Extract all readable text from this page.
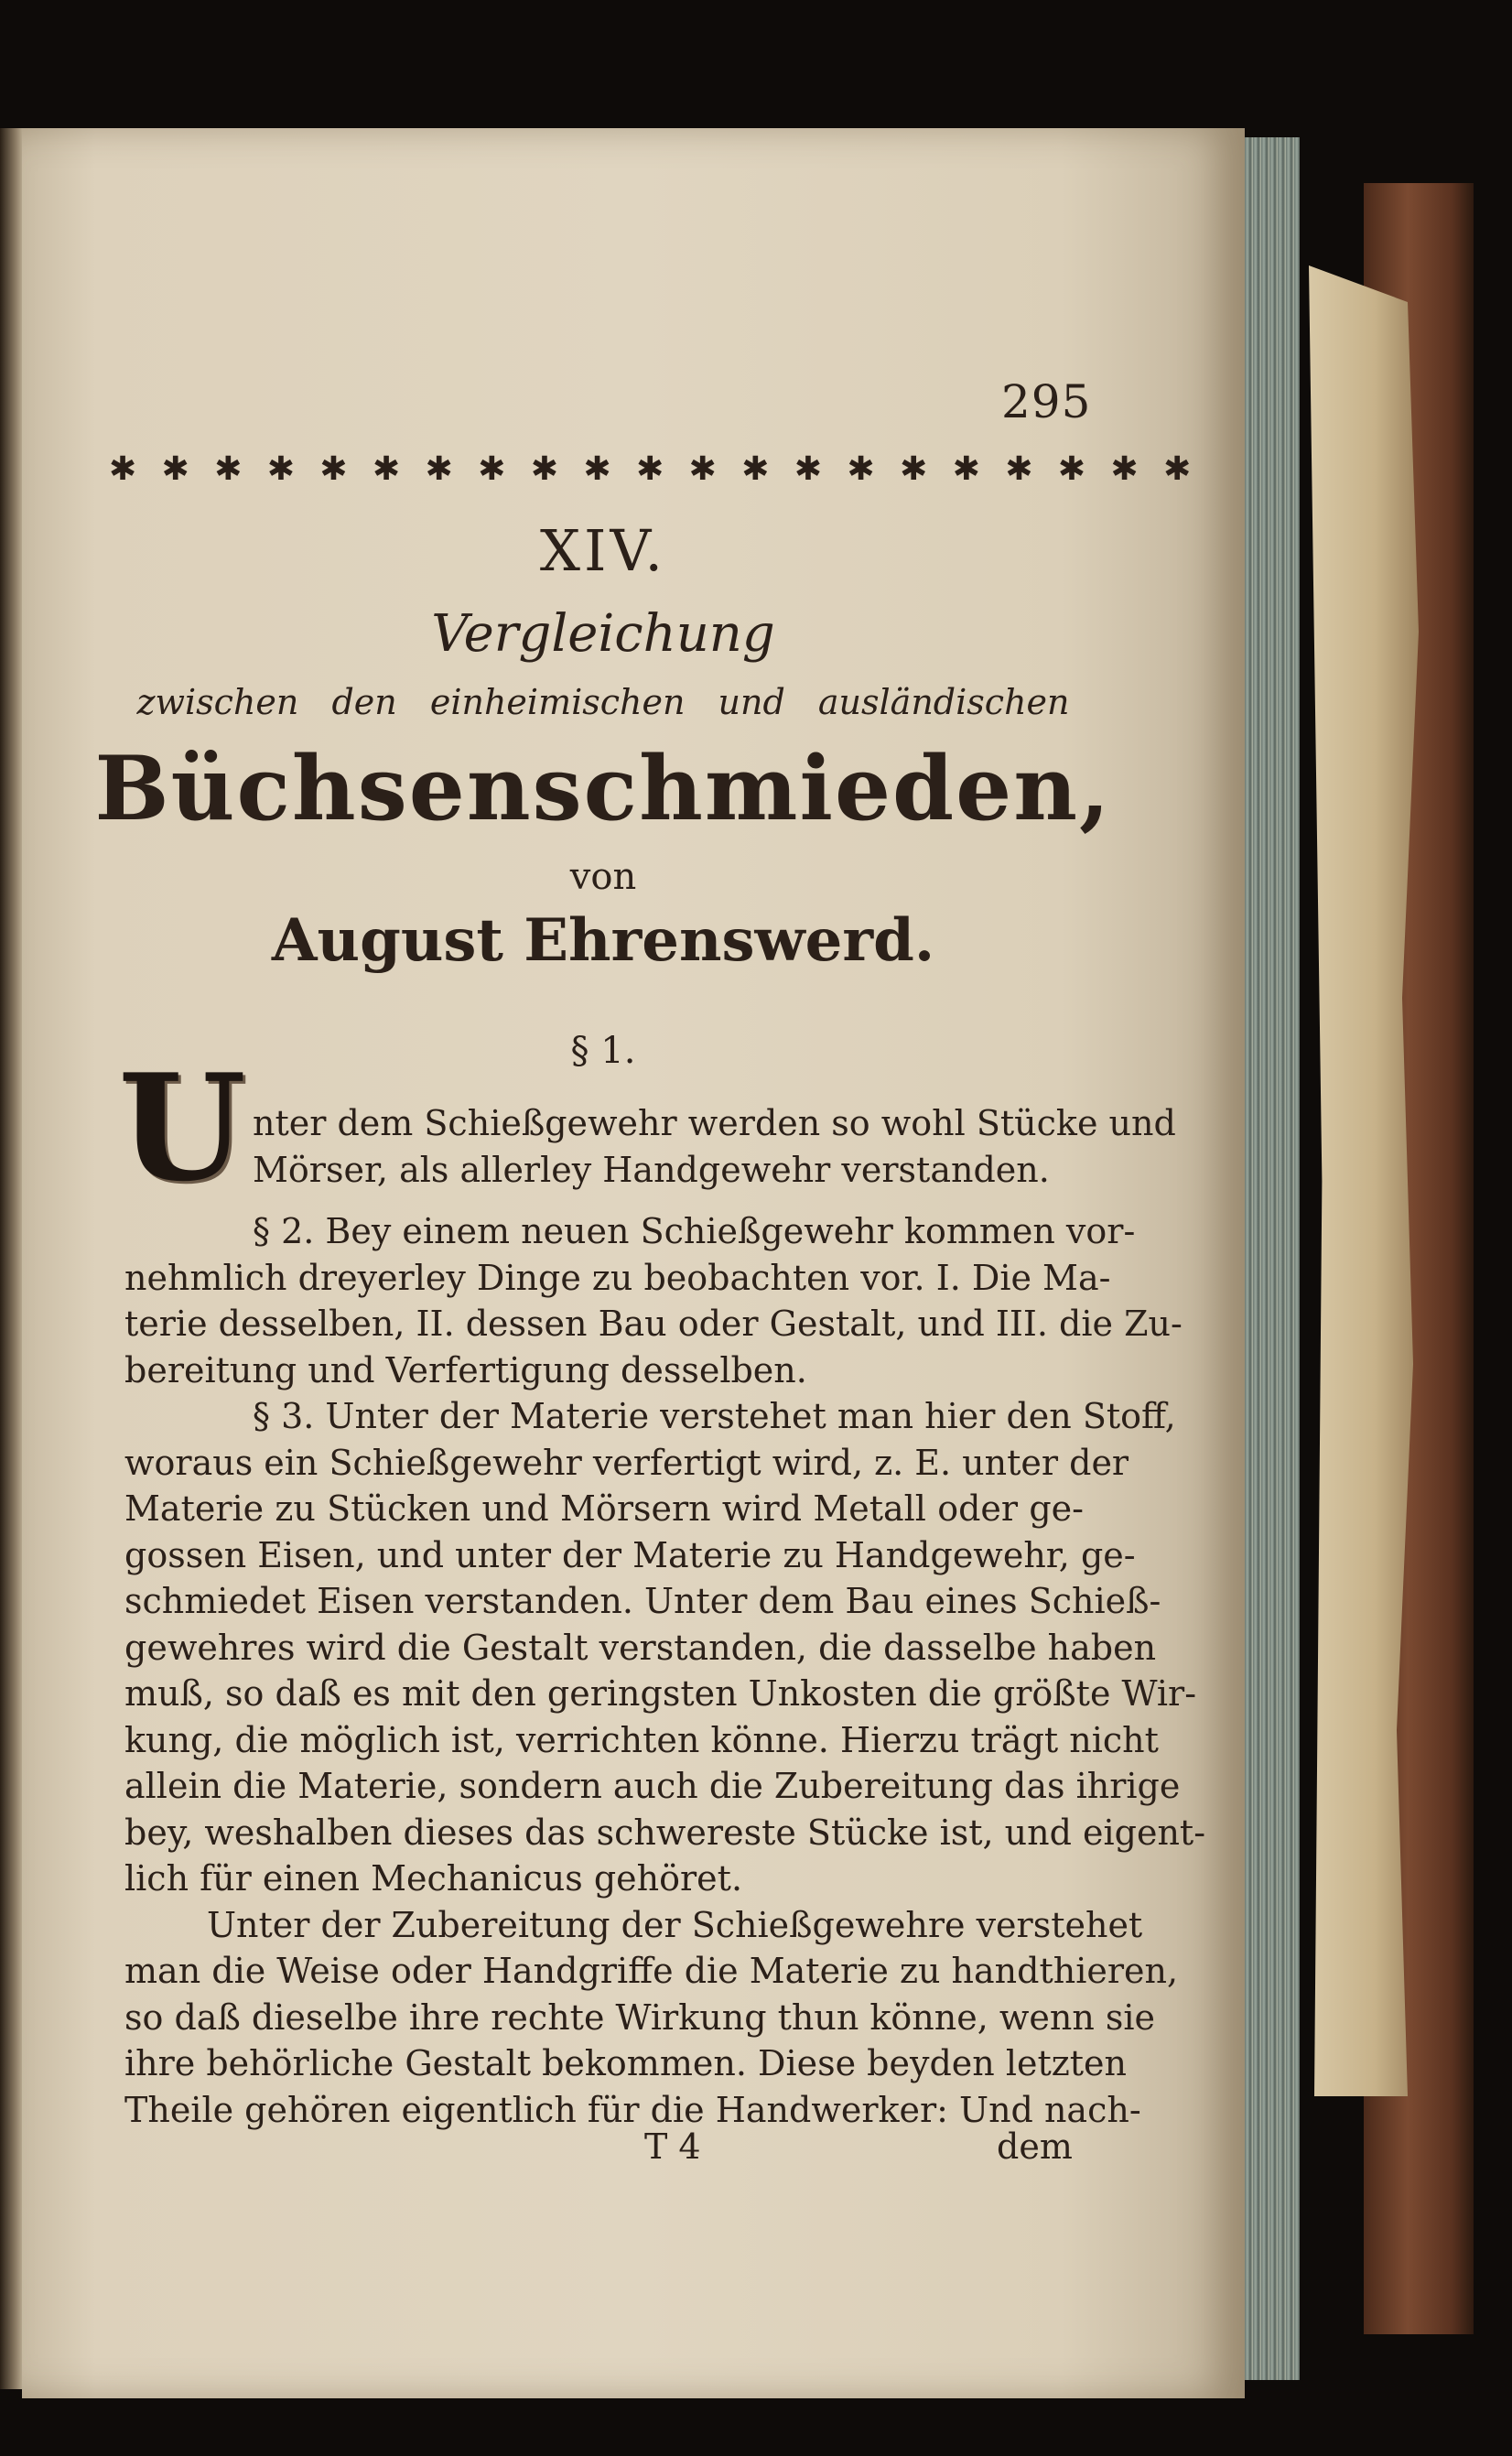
295
✱ ✱ ✱ ✱ ✱ ✱ ✱ ✱ ✱ ✱ ✱ ✱ ✱ ✱ ✱ ✱ ✱ ✱ ✱ ✱ ✱
XIV.
Vergleichung
zwischen den einheimischen und ausländischen
Büchsenschmieden,
von
August Ehrenswerd.
§ 1.
U nter dem Schießgewehr werden so wohl Stücke und
Mörser, als allerley Handgewehr verstanden.
§ 2. Bey einem neuen Schießgewehr kommen vor-
nehmlich dreyerley Dinge zu beobachten vor. I. Die Ma-
terie desselben, II. dessen Bau oder Gestalt, und III. die Zu-
bereitung und Verfertigung desselben.
§ 3. Unter der Materie verstehet man hier den Stoff,
woraus ein Schießgewehr verfertigt wird, z. E. unter der
Materie zu Stücken und Mörsern wird Metall oder ge-
gossen Eisen, und unter der Materie zu Handgewehr, ge-
schmiedet Eisen verstanden. Unter dem Bau eines Schieß-
gewehres wird die Gestalt verstanden, die dasselbe haben
muß, so daß es mit den geringsten Unkosten die größte Wir-
kung, die möglich ist, verrichten könne. Hierzu trägt nicht
allein die Materie, sondern auch die Zubereitung das ihrige
bey, weshalben dieses das schwereste Stücke ist, und eigent-
lich für einen Mechanicus gehöret.
Unter der Zubereitung der Schießgewehre verstehet
man die Weise oder Handgriffe die Materie zu handthieren,
so daß dieselbe ihre rechte Wirkung thun könne, wenn sie
ihre behörliche Gestalt bekommen. Diese beyden letzten
Theile gehören eigentlich für die Handwerker: Und nach-
T 4	dem
